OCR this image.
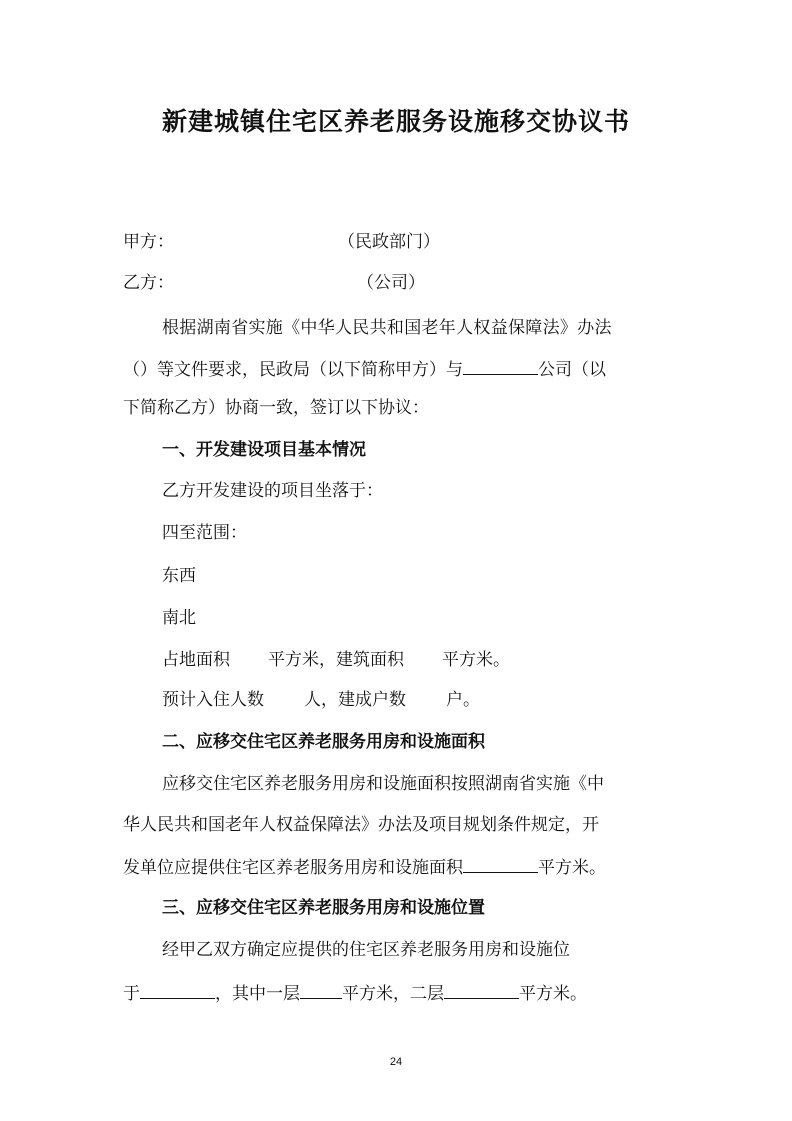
新建城镇住宅区养老服务设施移交协议书
甲方：	（民政部门）
乙方：	（公司）
根据湖南省实施《中华人民共和国老年人权益保障法》办法
（）等文件要求，民政局（以下简称甲方）与	公司（以
下简称乙方）协商一致，签订以下协议：
一、开发建设项目基本情况
乙方开发建设的项目坐落于：
四至范围：
东西
南北
占地面积 平方米，建筑面积 平方米。
预计入住人数 人，建成户数 户。
二、应移交住宅区养老服务用房和设施面积
应移交住宅区养老服务用房和设施面积按照湖南省实施《中
华人民共和国老年人权益保障法》办法及项目规划条件规定，开
发单位应提供住宅区养老服务用房和设施面积	平方米。
三、应移交住宅区养老服务用房和设施位置
经甲乙双方确定应提供的住宅区养老服务用房和设施位
于	，其中一层 平方米，二层	平方米。
24
